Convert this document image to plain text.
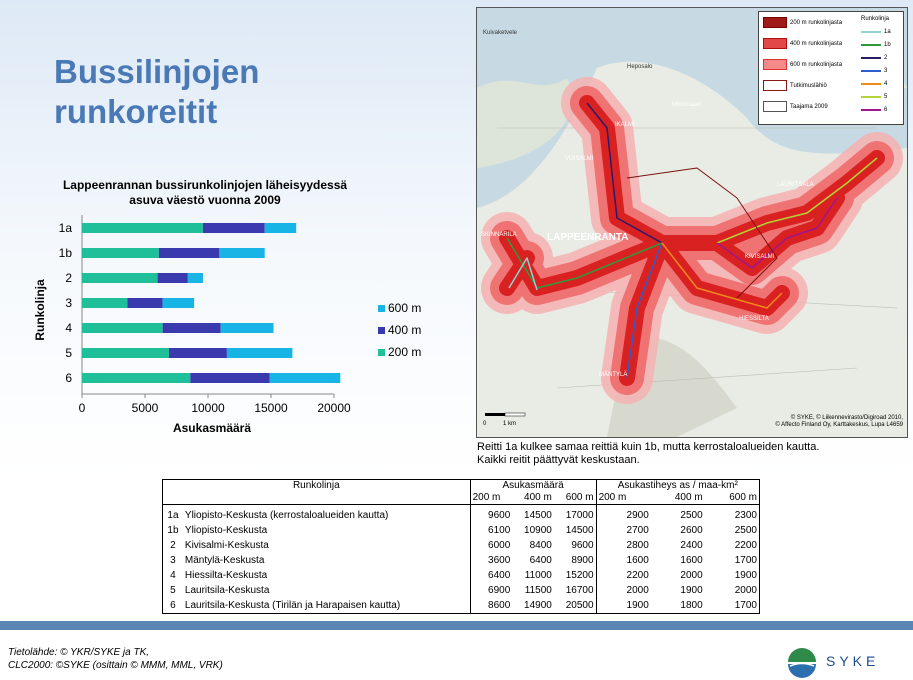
Bussilinjojen
runkoreitit
Lappeenrannan bussirunkolinjojen läheisyydessä
asuva väestö vuonna 2009
1a
1b
2
3
4
5
6
0	5000	10000 15000 20000
Asukasmäärä
Runkolinja	600 m
400 m
200 m
LAPPEENRANTA
Mikonsaari
Heposalo
VOISALMI
SKINNARILA
MÄNTYLÄ
LAURITSALA
KIVISALMI
HIESSILTA
IKALMI
Kuivaketvele
0	1 km
200 m runkolinjasta
400 m runkolinjasta
600 m runkolinjasta
Tutkimuslähiö
Taajama 2009
Runkolinja
1a
1b
2
3
4
5
6
© SYKE, © Liikennevirasto/Digiroad 2010,
© Affecto Finland Oy, Karttakeskus, Lupa L4659
Reitti 1a kulkee samaa reittiä kuin 1b, mutta kerrostaloalueiden kautta.
Kaikki reitit päättyvät keskustaan.
Runkolinja		Asukasmäärä			Asukastiheys as / maa-km²		
		200 m	400 m	600 m	200 m	400 m	600 m
1a	Yliopisto-Keskusta (kerrostaloalueiden kautta)	9600	14500	17000	2900	2500	2300
1b	Yliopisto-Keskusta	6100	10900	14500	2700	2600	2500
2	Kivisalmi-Keskusta	6000	8400	9600	2800	2400	2200
3	Mäntylä-Keskusta	3600	6400	8900	1600	1600	1700
4	Hiessilta-Keskusta	6400	11000	15200	2200	2000	1900
5	Lauritsila-Keskusta	6900	11500	16700	2000	1900	2000
6	Lauritsila-Keskusta (Tirilän ja Harapaisen kautta)	8600	14900	20500	1900	1800	1700
Tietolähde: © YKR/SYKE ja TK,
CLC2000: ©SYKE (osittain © MMM, MML, VRK)	SYKE
